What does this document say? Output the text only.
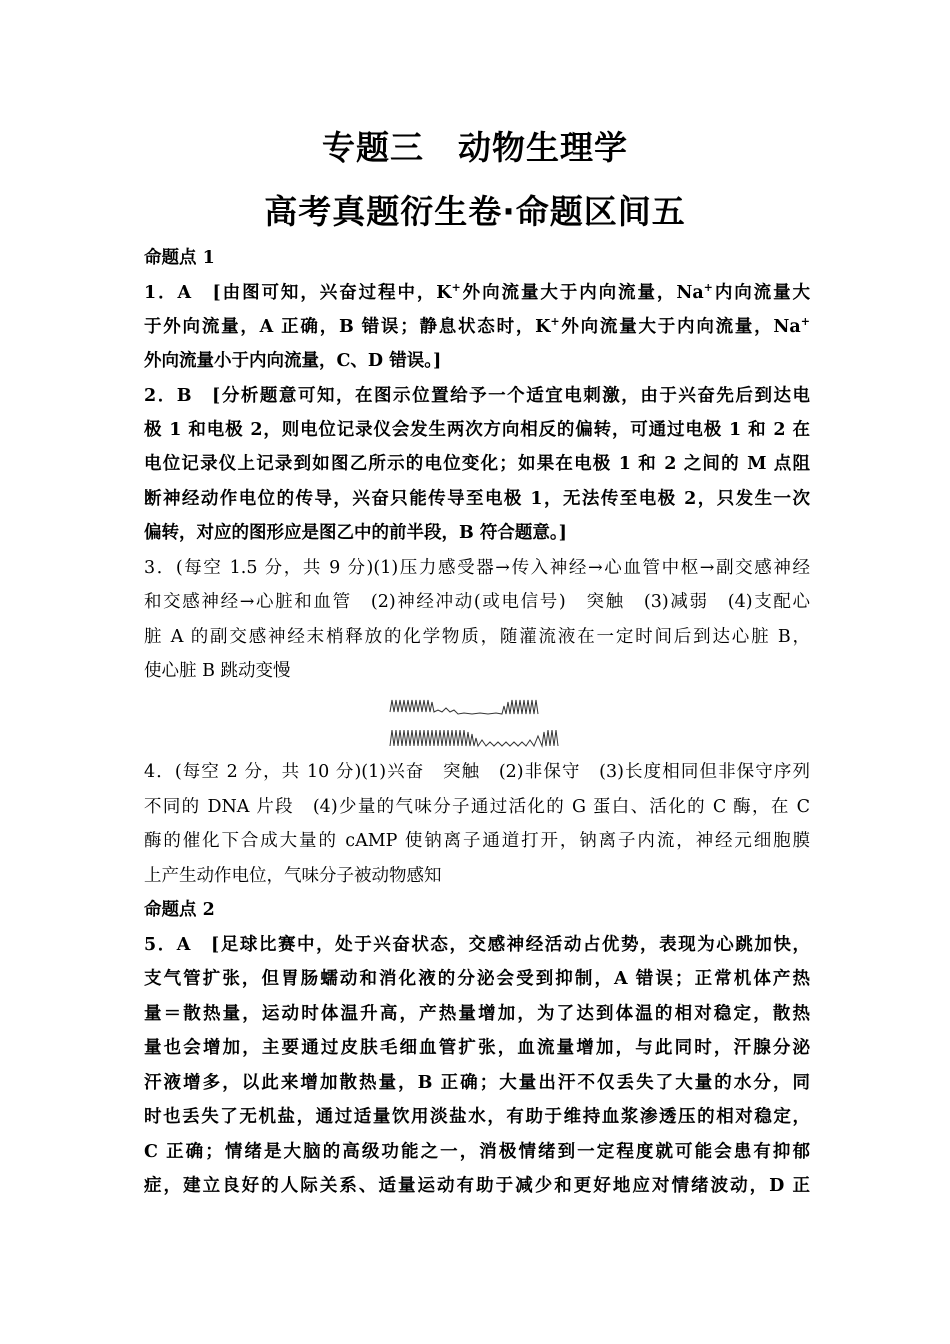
专题三　动物生理学
高考真题衍生卷·命题区间五
命题点 1
1．A　[由图可知，兴奋过程中，K+外向流量大于内向流量，Na+内向流量大
于外向流量，A 正确，B 错误；静息状态时，K+外向流量大于内向流量，Na+
外向流量小于内向流量，C、D 错误。]
2．B　[分析题意可知，在图示位置给予一个适宜电刺激，由于兴奋先后到达电
极 1 和电极 2，则电位记录仪会发生两次方向相反的偏转，可通过电极 1 和 2 在
电位记录仪上记录到如图乙所示的电位变化；如果在电极 1 和 2 之间的 M 点阻
断神经动作电位的传导，兴奋只能传导至电极 1，无法传至电极 2，只发生一次
偏转，对应的图形应是图乙中的前半段，B 符合题意。]
3．(每空 1.5 分，共 9 分)(1)压力感受器→传入神经→心血管中枢→副交感神经
和交感神经→心脏和血管　(2)神经冲动(或电信号)　突触　(3)减弱　(4)支配心
脏 A 的副交感神经末梢释放的化学物质，随灌流液在一定时间后到达心脏 B，
使心脏 B 跳动变慢
4．(每空 2 分，共 10 分)(1)兴奋　突触　(2)非保守　(3)长度相同但非保守序列
不同的 DNA 片段　(4)少量的气味分子通过活化的 G 蛋白、活化的 C 酶，在 C
酶的催化下合成大量的 cAMP 使钠离子通道打开，钠离子内流，神经元细胞膜
上产生动作电位，气味分子被动物感知
命题点 2
5．A　[足球比赛中，处于兴奋状态，交感神经活动占优势，表现为心跳加快，
支气管扩张，但胃肠蠕动和消化液的分泌会受到抑制，A 错误；正常机体产热
量＝散热量，运动时体温升高，产热量增加，为了达到体温的相对稳定，散热
量也会增加，主要通过皮肤毛细血管扩张，血流量增加，与此同时，汗腺分泌
汗液增多，以此来增加散热量，B 正确；大量出汗不仅丢失了大量的水分，同
时也丢失了无机盐，通过适量饮用淡盐水，有助于维持血浆渗透压的相对稳定，
C 正确；情绪是大脑的高级功能之一，消极情绪到一定程度就可能会患有抑郁
症，建立良好的人际关系、适量运动有助于减少和更好地应对情绪波动，D 正
